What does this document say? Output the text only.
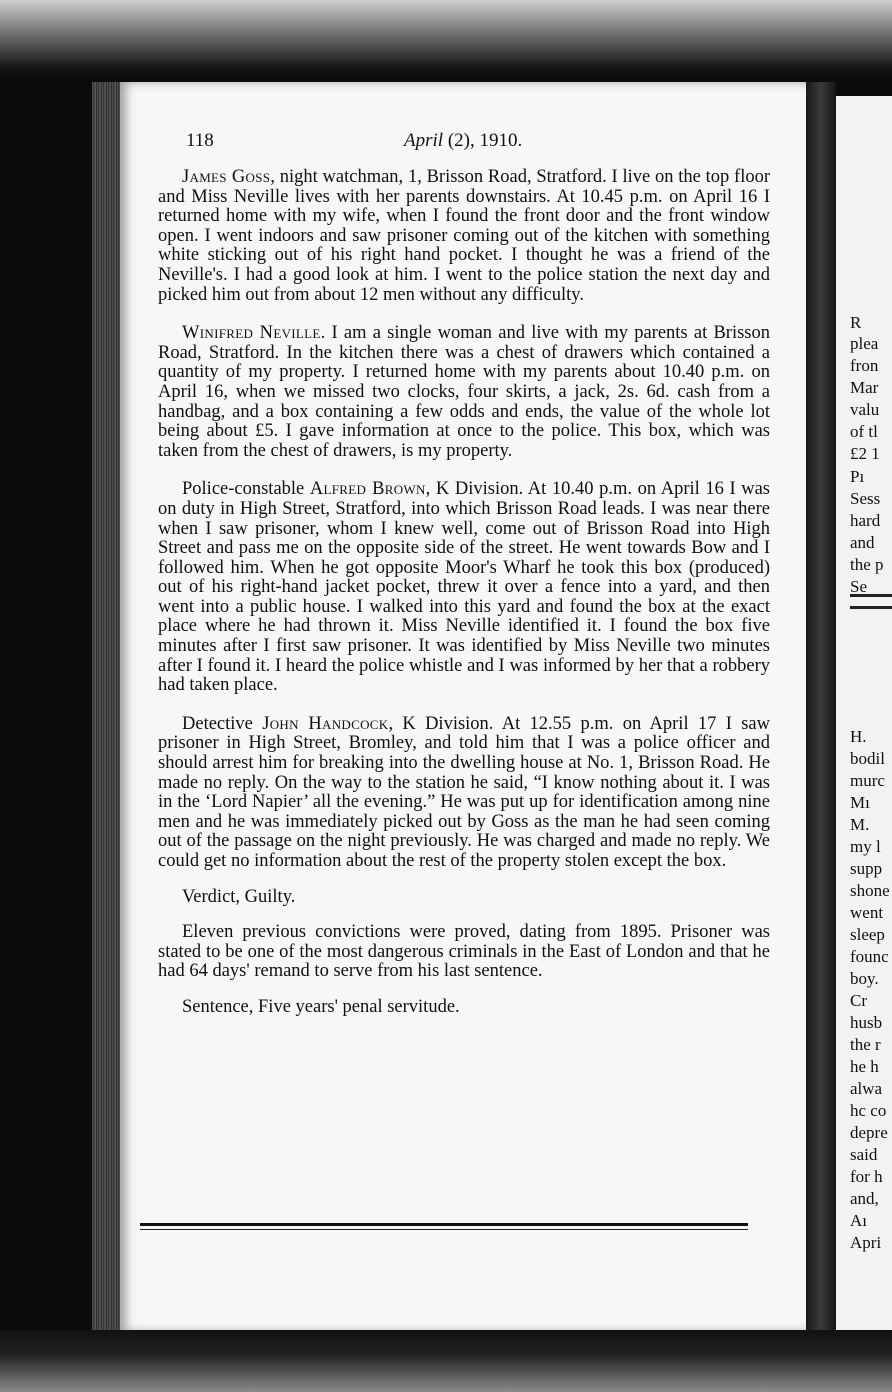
R
plea
fron
Mar
valu
of tl
£2 1
Pı
Sess
hard
and
the p
Se
H.
bodil
murc
Mı
M.
my l
supp
shone
went
sleep
founc
boy.
Cr
husb
the r
he h
alwa
hc co
depre
said
for h
and,
Aı
Apri
118	April (2), 1910.

James Goss, night watchman, 1, Brisson Road, Stratford. I live on the top floor and Miss Neville lives with her parents downstairs. At 10.45 p.m. on April 16 I returned home with my wife, when I found the front door and the front window open. I went indoors and saw prisoner coming out of the kitchen with something white sticking out of his right hand pocket. I thought he was a friend of the Neville's. I had a good look at him. I went to the police station the next day and picked him out from about 12 men without any difficulty.

Winifred Neville. I am a single woman and live with my parents at Brisson Road, Stratford. In the kitchen there was a chest of drawers which contained a quantity of my property. I returned home with my parents about 10.40 p.m. on April 16, when we missed two clocks, four skirts, a jack, 2s. 6d. cash from a handbag, and a box containing a few odds and ends, the value of the whole lot being about £5. I gave information at once to the police. This box, which was taken from the chest of drawers, is my property.

Police-constable Alfred Brown, K Division. At 10.40 p.m. on April 16 I was on duty in High Street, Stratford, into which Brisson Road leads. I was near there when I saw prisoner, whom I knew well, come out of Brisson Road into High Street and pass me on the opposite side of the street. He went towards Bow and I followed him. When he got opposite Moor's Wharf he took this box (produced) out of his right-hand jacket pocket, threw it over a fence into a yard, and then went into a public house. I walked into this yard and found the box at the exact place where he had thrown it. Miss Neville identified it. I found the box five minutes after I first saw prisoner. It was identified by Miss Neville two minutes after I found it. I heard the police whistle and I was informed by her that a robbery had taken place.

Detective John Handcock, K Division. At 12.55 p.m. on April 17 I saw prisoner in High Street, Bromley, and told him that I was a police officer and should arrest him for breaking into the dwelling house at No. 1, Brisson Road. He made no reply. On the way to the station he said, “I know nothing about it. I was in the ‘Lord Napier’ all the evening.” He was put up for identification among nine men and he was immediately picked out by Goss as the man he had seen coming out of the passage on the night previously. He was charged and made no reply. We could get no information about the rest of the property stolen except the box.

Verdict, Guilty.

Eleven previous convictions were proved, dating from 1895. Prisoner was stated to be one of the most dangerous criminals in the East of London and that he had 64 days' remand to serve from his last sentence.

Sentence, Five years' penal servitude.
